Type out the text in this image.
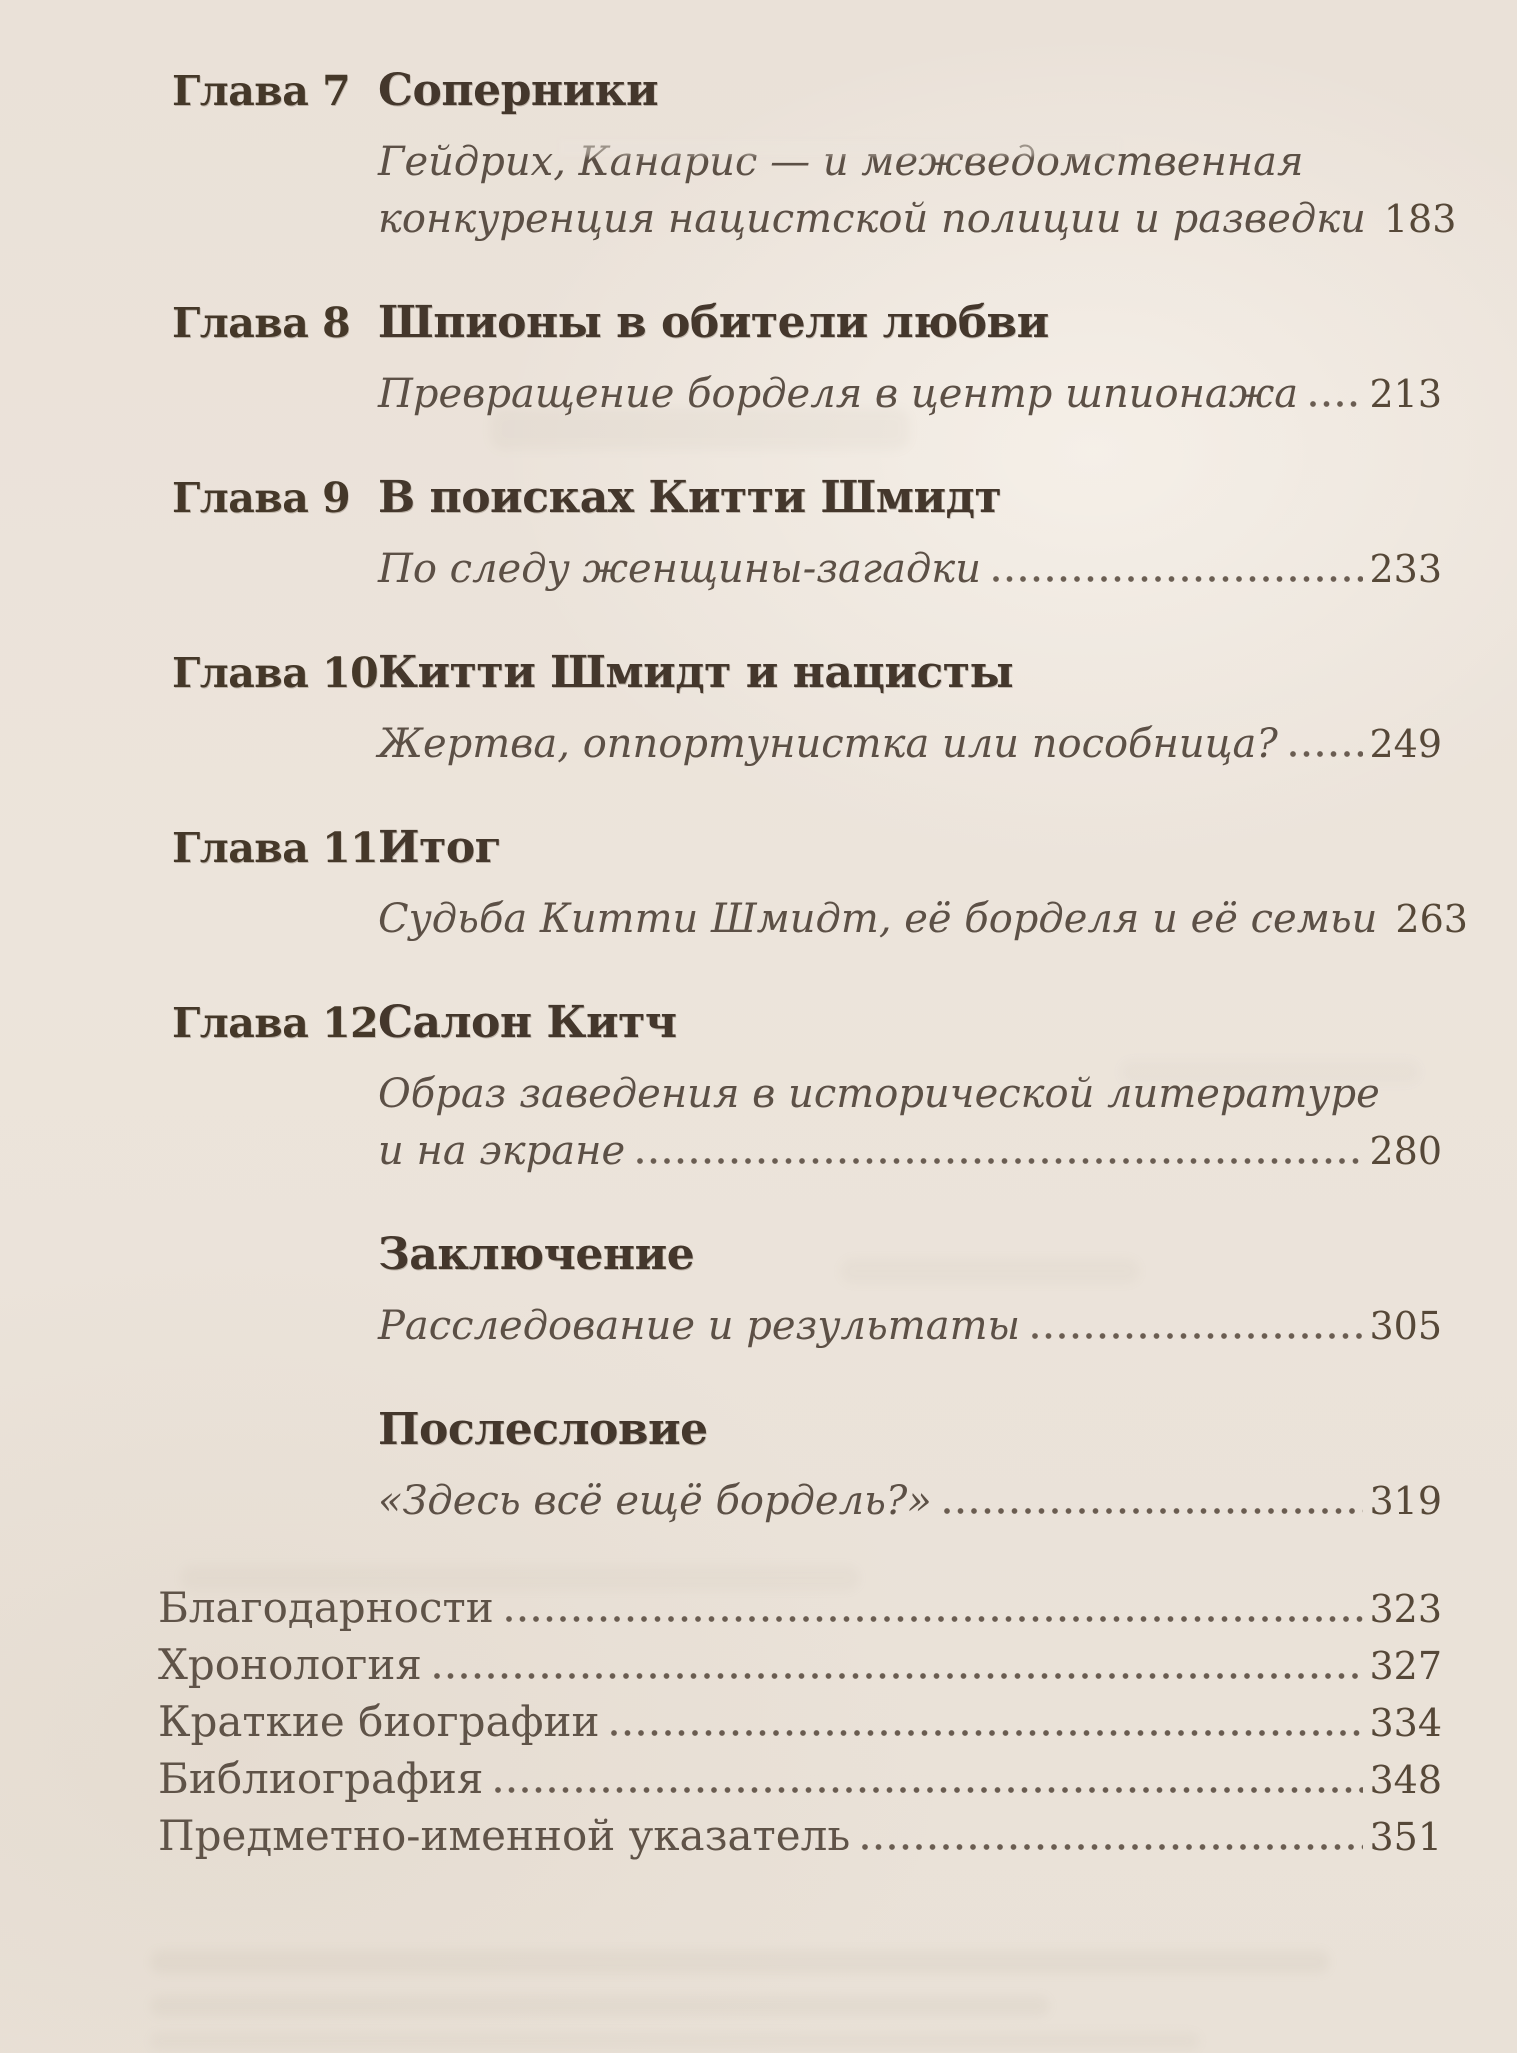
Глава 7 Соперники
Гейдрих, Канарис — и межведомственная
конкуренция нацистской полиции и разведки 183
Глава 8 Шпионы в обители любви
Превращение борделя в центр шпионажа 213
Глава 9 В поисках Китти Шмидт
По следу женщины-загадки	233
Глава 10 Китти Шмидт и нацисты
Жертва, оппортунистка или пособница? 249
Глава 11 Итог
Судьба Китти Шмидт, её борделя и её семьи 263
Глава 12 Салон Китч
Образ заведения в исторической литературе
и на экране	280
Заключение
Расследование и результаты	305
Послесловие
«Здесь всё ещё бордель?»	319
Благодарности	323
Хронология	327
Краткие биографии	334
Библиография	348
Предметно-именной указатель	351
